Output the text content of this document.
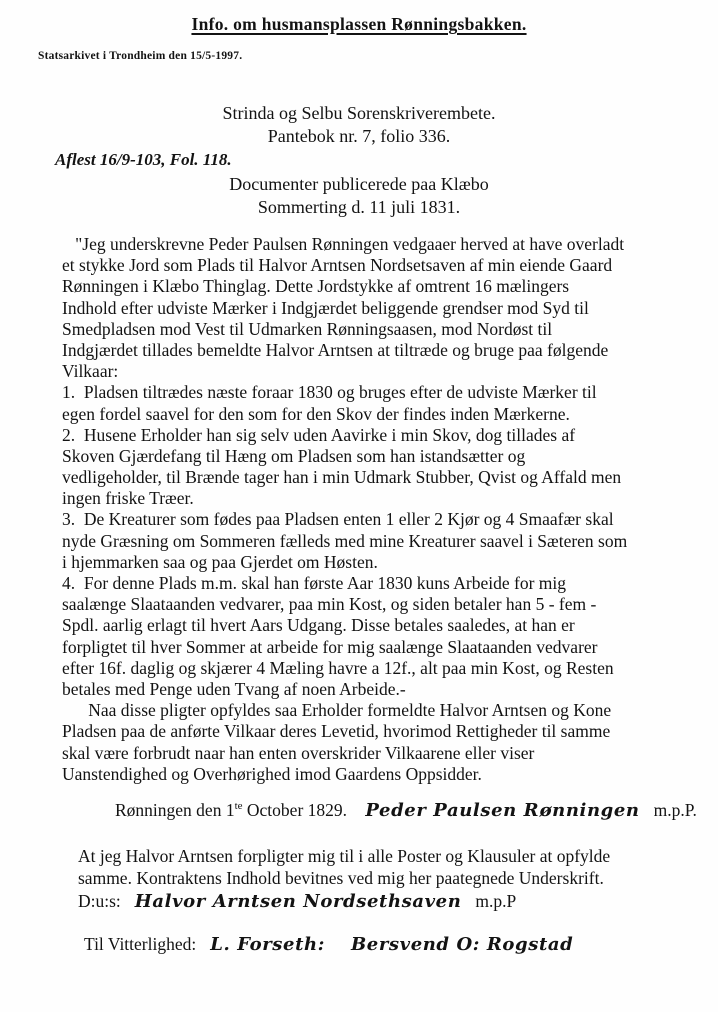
Info. om husmansplassen Rønningsbakken.
Statsarkivet i Trondheim den 15/5-1997.
Strinda og Selbu Sorenskriverembete.
Pantebok nr. 7, folio 336.
Aflest 16/9-103, Fol. 118.
Documenter publicerede paa Klæbo
Sommerting d. 11 juli 1831.
"Jeg underskrevne Peder Paulsen Rønningen vedgaaer herved at have overladt
et stykke Jord som Plads til Halvor Arntsen Nordsetsaven af min eiende Gaard
Rønningen i Klæbo Thinglag. Dette Jordstykke af omtrent 16 mælingers
Indhold efter udviste Mærker i Indgjærdet beliggende grendser mod Syd til
Smedpladsen mod Vest til Udmarken Rønningsaasen, mod Nordøst til
Indgjærdet tillades bemeldte Halvor Arntsen at tiltræde og bruge paa følgende
Vilkaar:
1.  Pladsen tiltrædes næste foraar 1830 og bruges efter de udviste Mærker til
egen fordel saavel for den som for den Skov der findes inden Mærkerne.
2.  Husene Erholder han sig selv uden Aavirke i min Skov, dog tillades af
Skoven Gjærdefang til Hæng om Pladsen som han istandsætter og
vedligeholder, til Brænde tager han i min Udmark Stubber, Qvist og Affald men
ingen friske Træer.
3.  De Kreaturer som fødes paa Pladsen enten 1 eller 2 Kjør og 4 Smaafær skal
nyde Græsning om Sommeren fælleds med mine Kreaturer saavel i Sæteren som
i hjemmarken saa og paa Gjerdet om Høsten.
4.  For denne Plads m.m. skal han første Aar 1830 kuns Arbeide for mig
saalænge Slaataanden vedvarer, paa min Kost, og siden betaler han 5 - fem -
Spdl. aarlig erlagt til hvert Aars Udgang. Disse betales saaledes, at han er
forpligtet til hver Sommer at arbeide for mig saalænge Slaataanden vedvarer
efter 16f. daglig og skjærer 4 Mæling havre a 12f., alt paa min Kost, og Resten
betales med Penge uden Tvang af noen Arbeide.-
Naa disse pligter opfyldes saa Erholder formeldte Halvor Arntsen og Kone
Pladsen paa de anførte Vilkaar deres Levetid, hvorimod Rettigheder til samme
skal være forbrudt naar han enten overskrider Vilkaarene eller viser
Uanstendighed og Overhørighed imod Gaardens Oppsidder.
Rønningen den $1^{te}$ October 1829. Peder Paulsen Rønningen m.p.P.
At jeg Halvor Arntsen forpligter mig til i alle Poster og Klausuler at opfylde
samme. Kontraktens Indhold bevitnes ved mig her paategnede Underskrift.
D:u:s: Halvor Arntsen Nordsethsaven m.p.P
Til Vitterlighed: L. Forseth: Bersvend O: Rogstad
